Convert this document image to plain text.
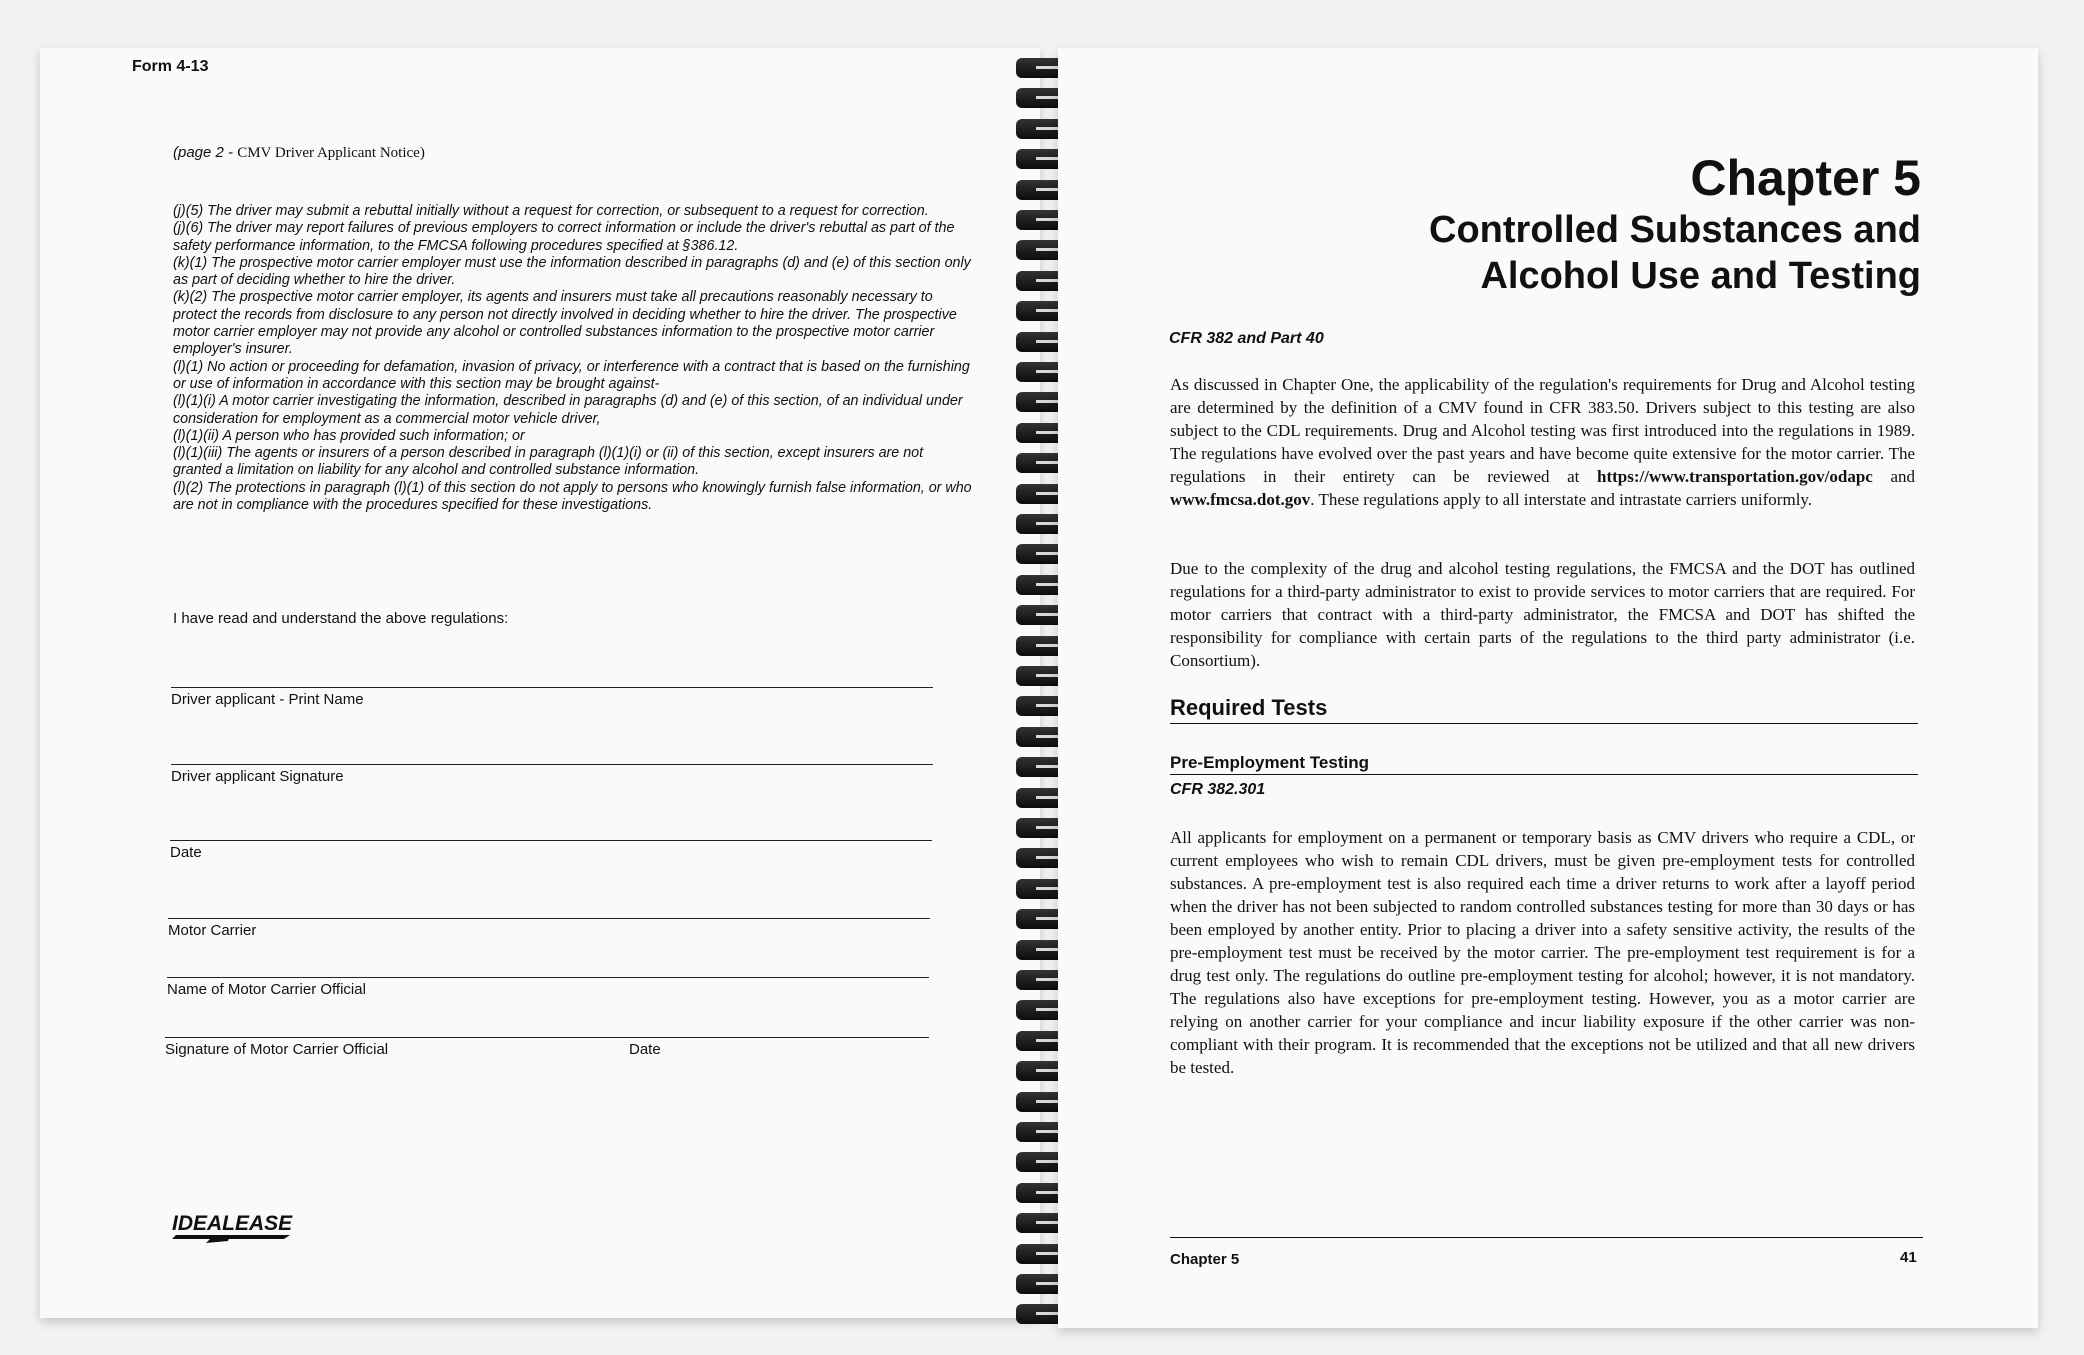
Form 4-13
(page 2 - CMV Driver Applicant Notice)

(j)(5) The driver may submit a rebuttal initially without a request for correction, or subsequent to a request for correction.

(j)(6) The driver may report failures of previous employers to correct information or include the driver's rebuttal as part of the safety performance information, to the FMCSA following procedures specified at §386.12.

(k)(1) The prospective motor carrier employer must use the information described in paragraphs (d) and (e) of this section only as part of deciding whether to hire the driver.

(k)(2) The prospective motor carrier employer, its agents and insurers must take all precautions reasonably necessary to protect the records from disclosure to any person not directly involved in deciding whether to hire the driver. The prospective motor carrier employer may not provide any alcohol or controlled substances information to the prospective motor carrier employer's insurer.

(l)(1) No action or proceeding for defamation, invasion of privacy, or interference with a contract that is based on the furnishing or use of information in accordance with this section may be brought against-

(l)(1)(i) A motor carrier investigating the information, described in paragraphs (d) and (e) of this section, of an individual under consideration for employment as a commercial motor vehicle driver,

(l)(1)(ii) A person who has provided such information; or

(l)(1)(iii) The agents or insurers of a person described in paragraph (l)(1)(i) or (ii) of this section, except insurers are not granted a limitation on liability for any alcohol and controlled substance information.

(l)(2) The protections in paragraph (l)(1) of this section do not apply to persons who knowingly furnish false information, or who are not in compliance with the procedures specified for these investigations.

I have read and understand the above regulations:
Driver applicant - Print Name
Driver applicant Signature
Date
Motor Carrier
Name of Motor Carrier Official
Signature of Motor Carrier Official	Date
IDEALEASE
Chapter 5
Controlled Substances and
Alcohol Use and Testing
CFR 382 and Part 40

As discussed in Chapter One, the applicability of the regulation's requirements for Drug and Alcohol testing are determined by the definition of a CMV found in CFR 383.50. Drivers subject to this testing are also subject to the CDL requirements. Drug and Alcohol testing was first introduced into the regulations in 1989. The regulations have evolved over the past years and have become quite extensive for the motor carrier. The regulations in their entirety can be reviewed at https://www.transportation.gov/odapc and www.fmcsa.dot.gov. These regulations apply to all interstate and intrastate carriers uniformly.

Due to the complexity of the drug and alcohol testing regulations, the FMCSA and the DOT has outlined regulations for a third-party administrator to exist to provide services to motor carriers that are required. For motor carriers that contract with a third-party administrator, the FMCSA and DOT has shifted the responsibility for compliance with certain parts of the regulations to the third party administrator (i.e. Consortium).

Required Tests
Pre-Employment Testing
CFR 382.301

All applicants for employment on a permanent or temporary basis as CMV drivers who require a CDL, or current employees who wish to remain CDL drivers, must be given pre-employment tests for controlled substances. A pre-employment test is also required each time a driver returns to work after a layoff period when the driver has not been subjected to random controlled substances testing for more than 30 days or has been employed by another entity. Prior to placing a driver into a safety sensitive activity, the results of the pre-employment test must be received by the motor carrier. The pre-employment test requirement is for a drug test only. The regulations do outline pre-employment testing for alcohol; however, it is not mandatory. The regulations also have exceptions for pre-employment testing. However, you as a motor carrier are relying on another carrier for your compliance and incur liability exposure if the other carrier was non-compliant with their program. It is recommended that the exceptions not be utilized and that all new drivers be tested.

Chapter 5	41
